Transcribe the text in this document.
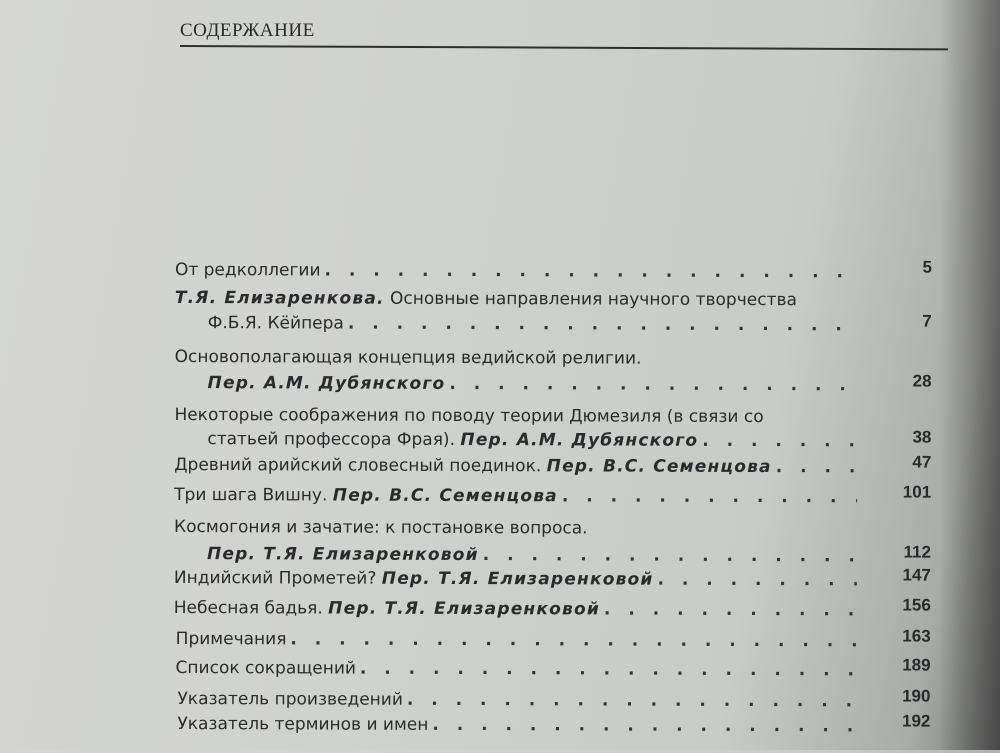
СОДЕРЖАНИЕ
От редколлегии . . .	5
Т.Я. Елизаренкова. Основные направления научного творчества
Ф.Б.Я. Кёйпера . . .	7
Основополагающая концепция ведийской религии.
Пер. А.М. Дубянского . . .	28
Некоторые соображения по поводу теории Дюмезиля (в связи со
статьей профессора Фрая). Пер. А.М. Дубянского . . .	38
Древний арийский словесный поединок. Пер. В.С. Семенцова . . .	47
Три шага Вишну. Пер. В.С. Семенцова . . .	101
Космогония и зачатие: к постановке вопроса.
Пер. Т.Я. Елизаренковой . . .	112
Индийский Прометей? Пер. Т.Я. Елизаренковой . . .	147
Небесная бадья. Пер. Т.Я. Елизаренковой . . .	156
Примечания . . .	163
Список сокращений . . .	189
Указатель произведений . . .	190
Указатель терминов и имен . . .	192
